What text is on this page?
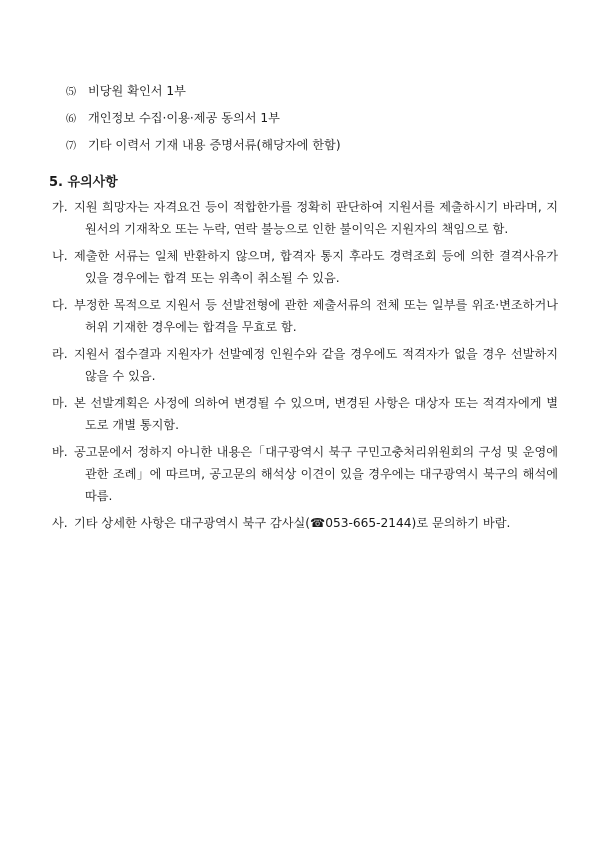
⑸ 비당원 확인서 1부
⑹ 개인정보 수집·이용·제공 동의서 1부
⑺ 기타 이력서 기재 내용 증명서류(해당자에 한함)
5. 유의사항
가. 지원 희망자는 자격요건 등이 적합한가를 정확히 판단하여 지원서를 제출하시기 바라며, 지원서의 기재착오 또는 누락, 연락 불능으로 인한 불이익은 지원자의 책임으로 함.
나. 제출한 서류는 일체 반환하지 않으며, 합격자 통지 후라도 경력조회 등에 의한 결격사유가 있을 경우에는 합격 또는 위촉이 취소될 수 있음.
다. 부정한 목적으로 지원서 등 선발전형에 관한 제출서류의 전체 또는 일부를 위조·변조하거나 허위 기재한 경우에는 합격을 무효로 함.
라. 지원서 접수결과 지원자가 선발예정 인원수와 같을 경우에도 적격자가 없을 경우 선발하지 않을 수 있음.
마. 본 선발계획은 사정에 의하여 변경될 수 있으며, 변경된 사항은 대상자 또는 적격자에게 별도로 개별 통지함.
바. 공고문에서 정하지 아니한 내용은「대구광역시 북구 구민고충처리위원회의 구성 및 운영에 관한 조례」에 따르며, 공고문의 해석상 이견이 있을 경우에는 대구광역시 북구의 해석에 따름.
사. 기타 상세한 사항은 대구광역시 북구 감사실(☎053-665-2144)로 문의하기 바람.
